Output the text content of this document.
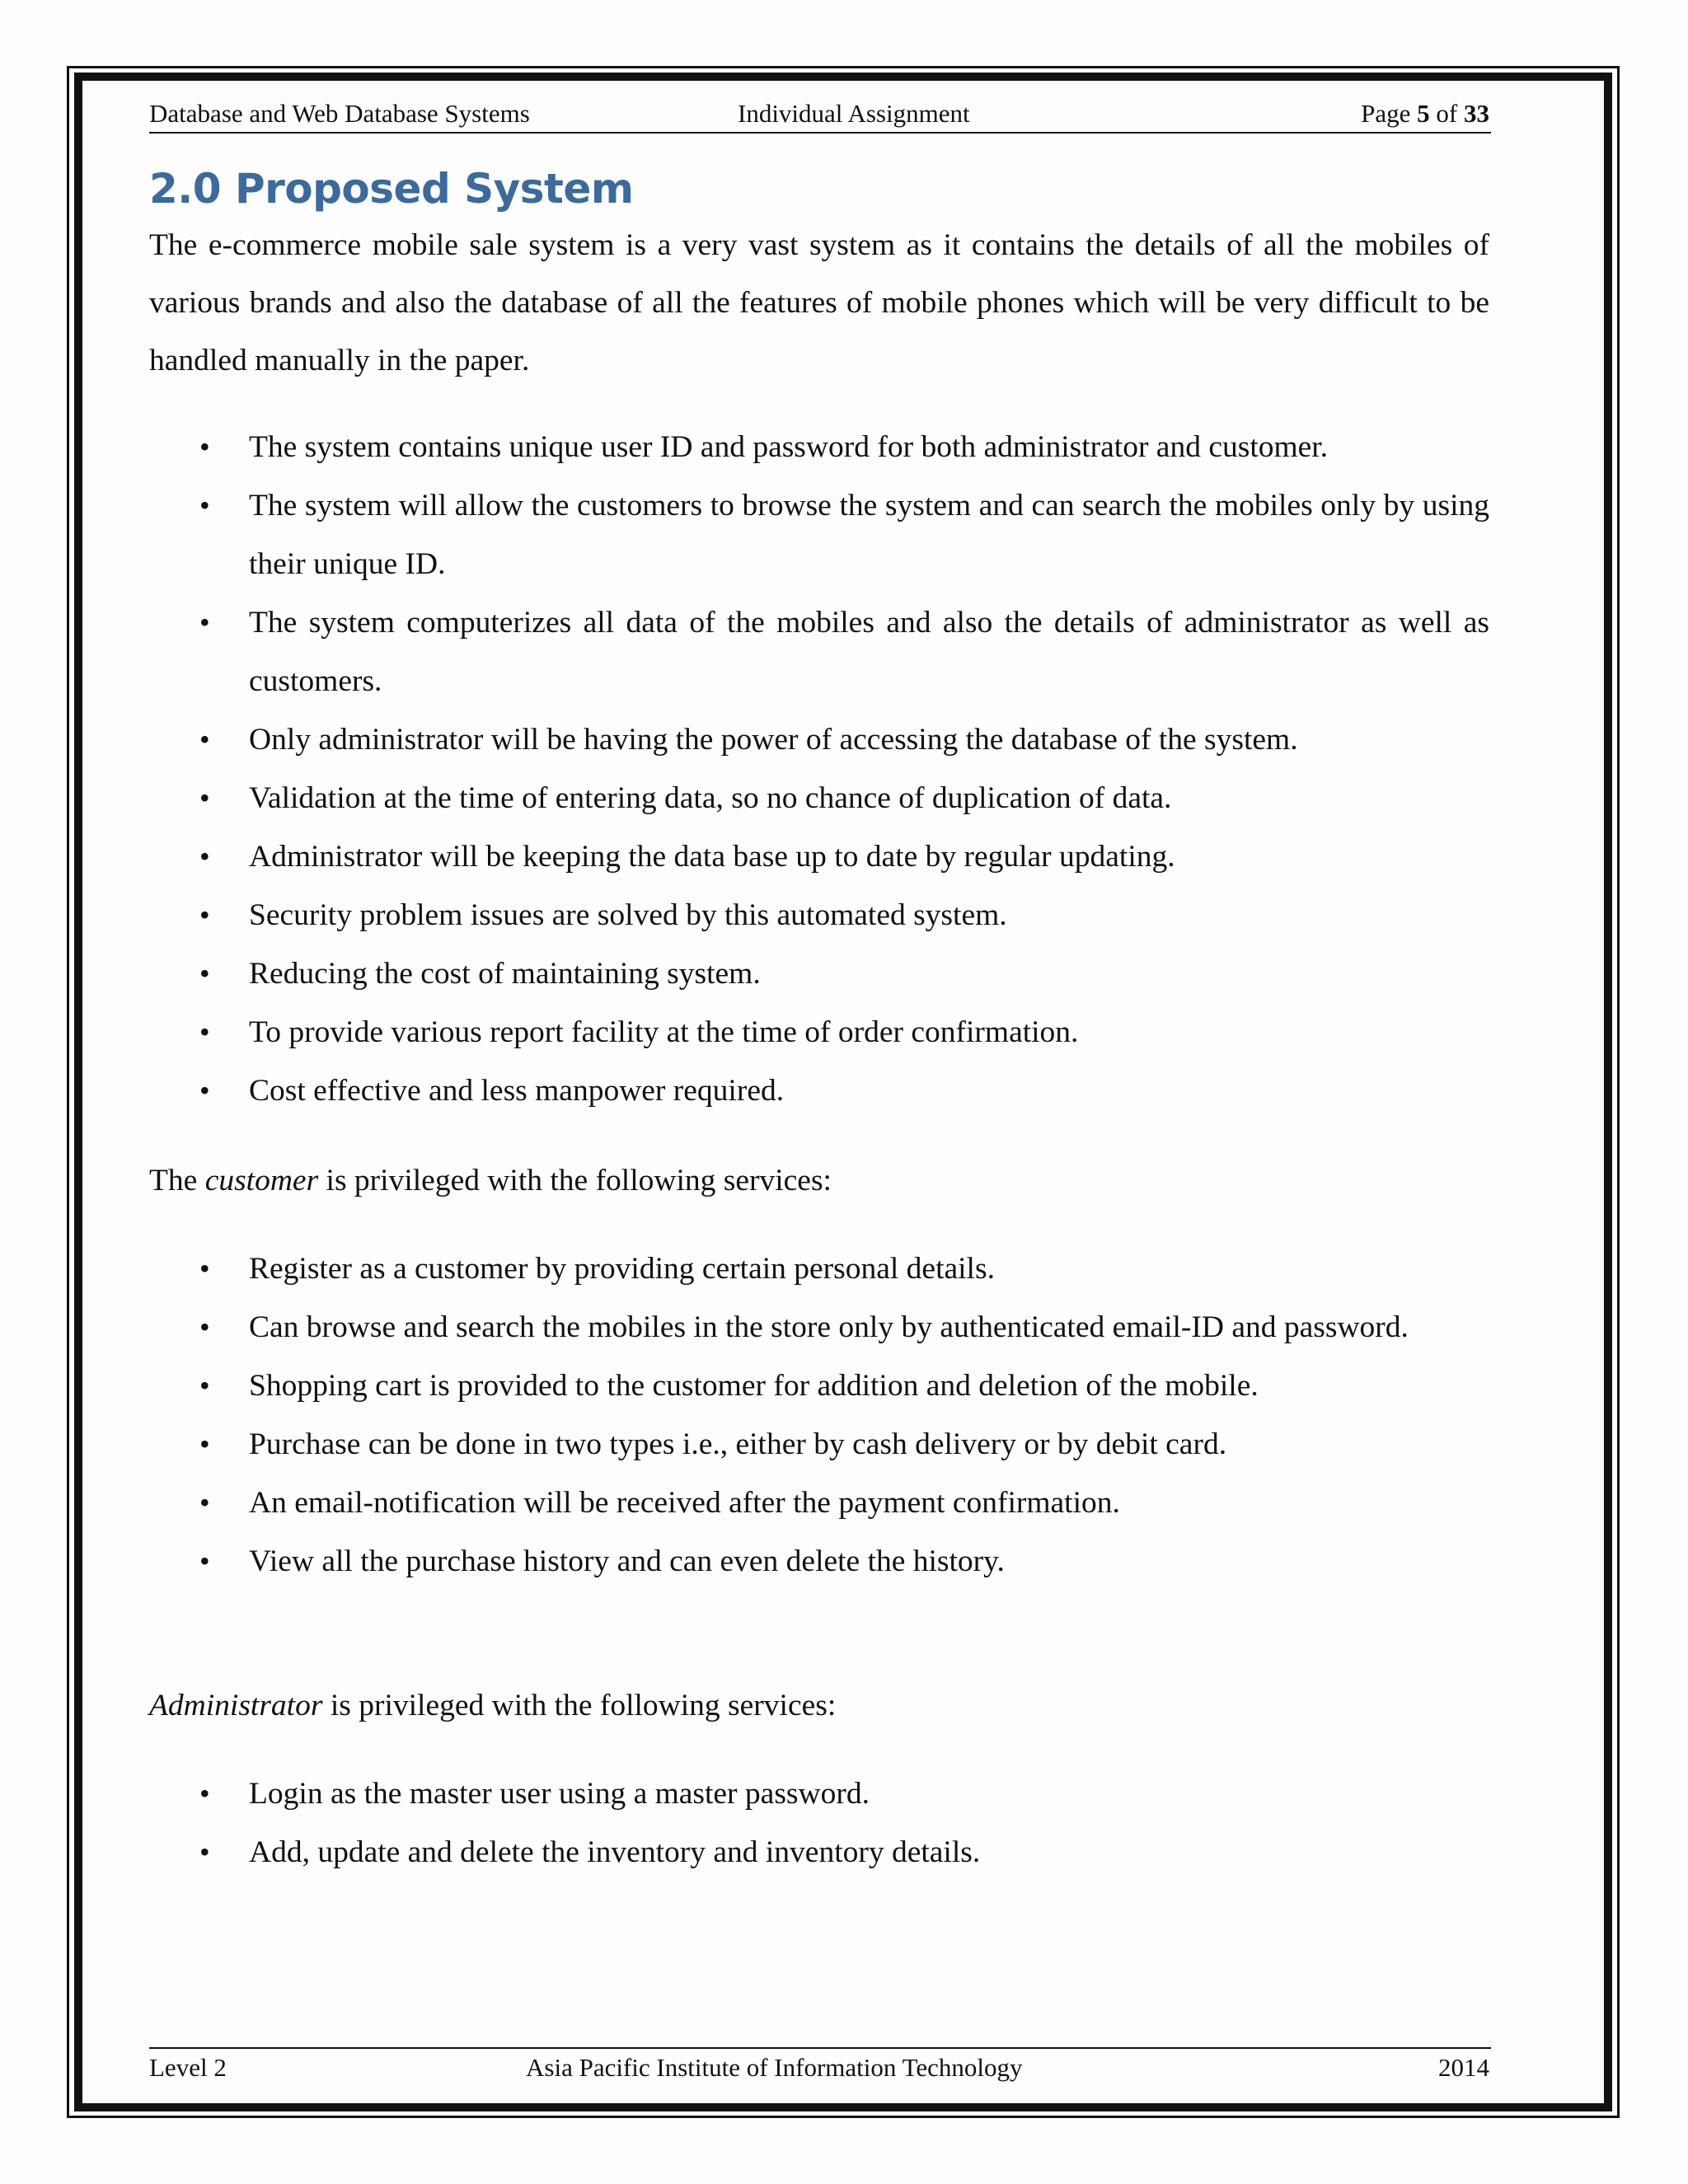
Database and Web Database Systems	Individual Assignment	Page 5 of 33
2.0 Proposed System

The e-commerce mobile sale system is a very vast system as it contains the details of all the mobiles of various brands and also the database of all the features of mobile phones which will be very difficult to be handled manually in the paper.

• The system contains unique user ID and password for both administrator and customer.
• The system will allow the customers to browse the system and can search the mobiles only by using their unique ID.
• The system computerizes all data of the mobiles and also the details of administrator as well as customers.
• Only administrator will be having the power of accessing the database of the system.
• Validation at the time of entering data, so no chance of duplication of data.
• Administrator will be keeping the data base up to date by regular updating.
• Security problem issues are solved by this automated system.
• Reducing the cost of maintaining system.
• To provide various report facility at the time of order confirmation.
• Cost effective and less manpower required.

The customer is privileged with the following services:

• Register as a customer by providing certain personal details.
• Can browse and search the mobiles in the store only by authenticated email-ID and password.
• Shopping cart is provided to the customer for addition and deletion of the mobile.
• Purchase can be done in two types i.e., either by cash delivery or by debit card.
• An email-notification will be received after the payment confirmation.
• View all the purchase history and can even delete the history.

Administrator is privileged with the following services:

• Login as the master user using a master password.
• Add, update and delete the inventory and inventory details.
Level 2	Asia Pacific Institute of Information Technology	2014
